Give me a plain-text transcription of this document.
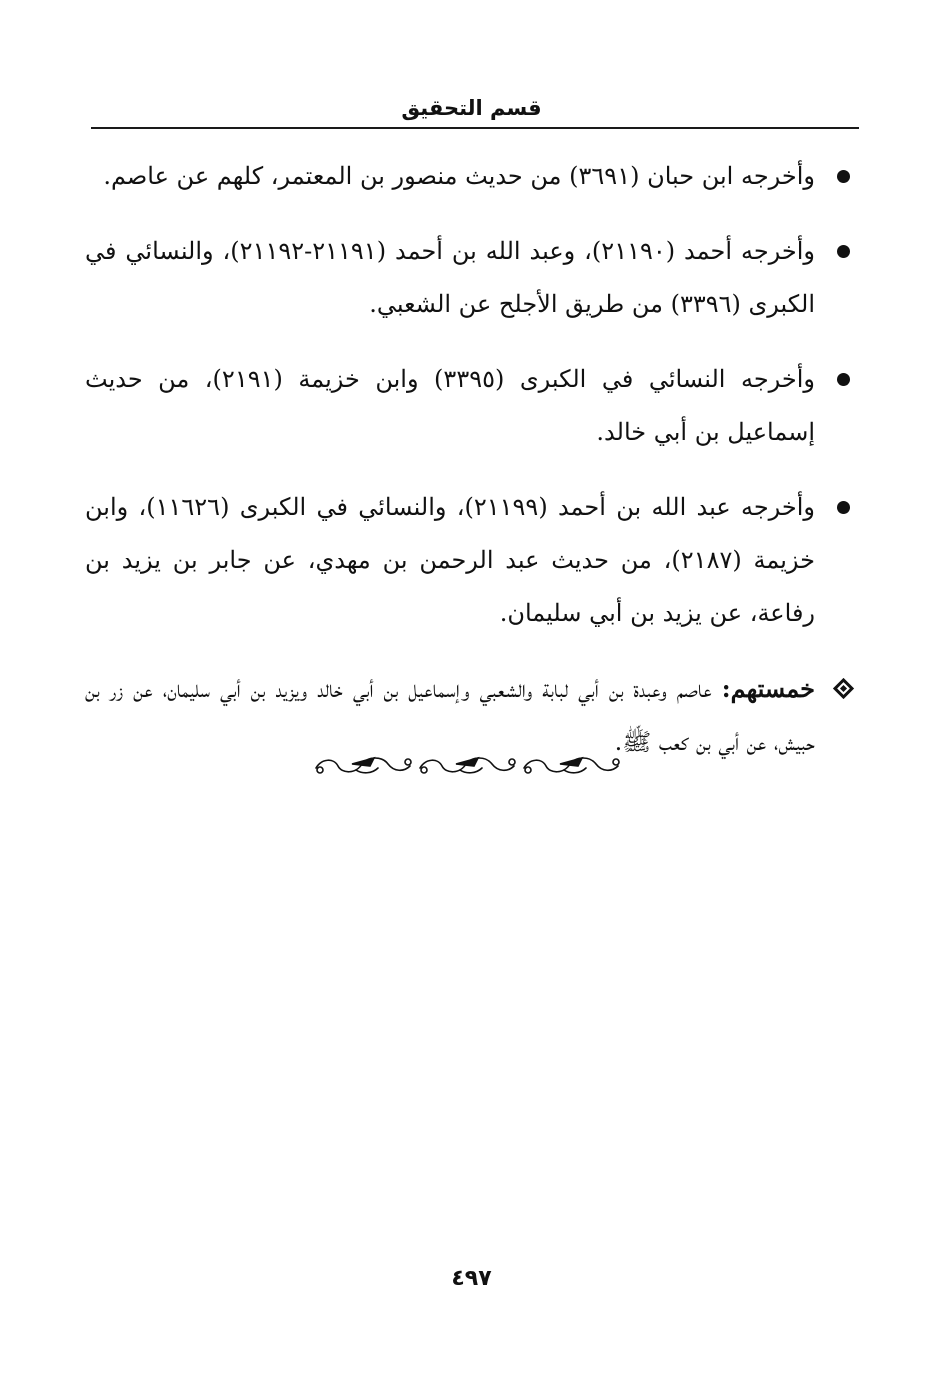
قسم التحقيق
وأخرجه ابن حبان (٣٦٩١) من حديث منصور بن المعتمر، كلهم عن عاصم.
وأخرجه أحمد (٢١١٩٠)، وعبد الله بن أحمد (٢١١٩١-٢١١٩٢)، والنسائي في الكبرى (٣٣٩٦) من طريق الأجلح عن الشعبي.
وأخرجه النسائي في الكبرى (٣٣٩٥) وابن خزيمة (٢١٩١)، من حديث إسماعيل بن أبي خالد.
وأخرجه عبد الله بن أحمد (٢١١٩٩)، والنسائي في الكبرى (١١٦٢٦)، وابن خزيمة (٢١٨٧)، من حديث عبد الرحمن بن مهدي، عن جابر بن يزيد بن رفاعة، عن يزيد بن أبي سليمان.
خمستهم: عاصم وعبدة بن أبي لبابة والشعبي وإسماعيل بن أبي خالد ويزيد بن أبي سليمان، عن زر بن حبيش، عن أبي بن كعب ﷺ.
٤٩٧
